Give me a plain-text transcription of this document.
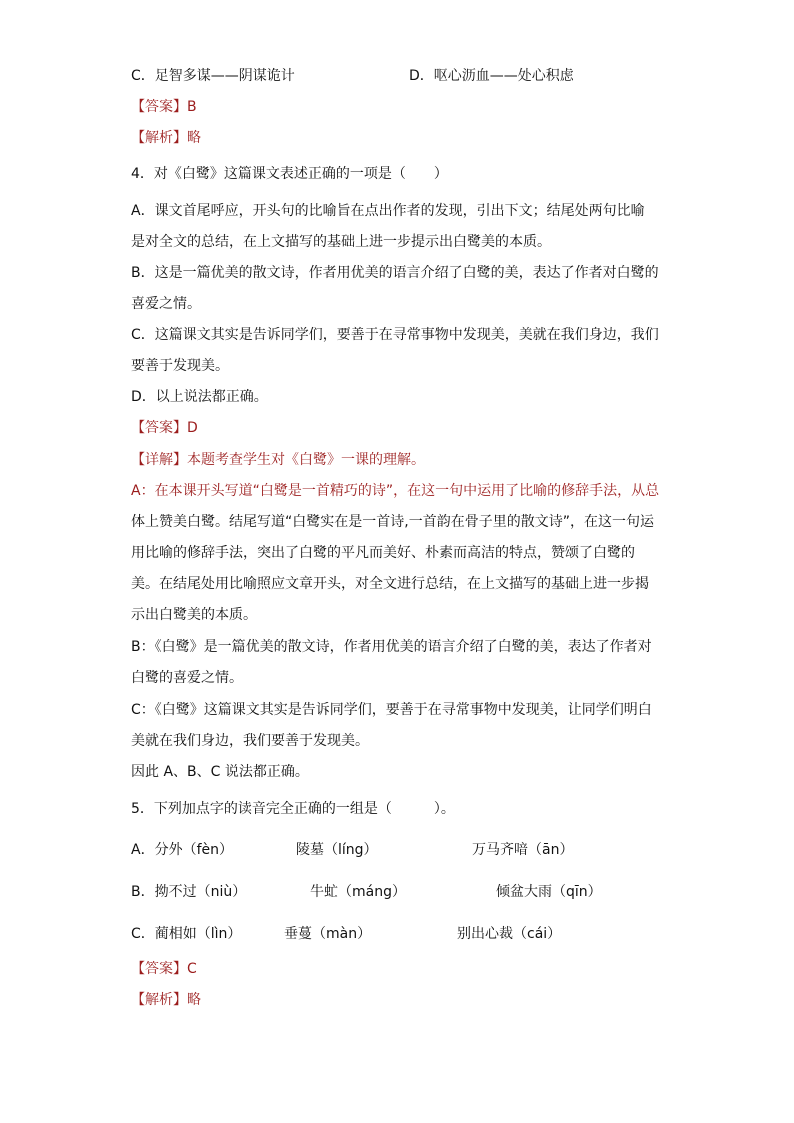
C．足智多谋——阴谋诡计	D．呕心沥血——处心积虑
【答案】B
【解析】略
4．对《白鹭》这篇课文表述正确的一项是（　　）
A．课文首尾呼应，开头句的比喻旨在点出作者的发现，引出下文；结尾处两句比喻
是对全文的总结，在上文描写的基础上进一步提示出白鹭美的本质。
B．这是一篇优美的散文诗，作者用优美的语言介绍了白鹭的美，表达了作者对白鹭的
喜爱之情。
C．这篇课文其实是告诉同学们，要善于在寻常事物中发现美，美就在我们身边，我们
要善于发现美。
D．以上说法都正确。
【答案】D
【详解】本题考查学生对《白鹭》一课的理解。
A：在本课开头写道“白鹭是一首精巧的诗”，在这一句中运用了比喻的修辞手法，从总
体上赞美白鹭。结尾写道“白鹭实在是一首诗,一首韵在骨子里的散文诗”，在这一句运
用比喻的修辞手法，突出了白鹭的平凡而美好、朴素而高洁的特点，赞颂了白鹭的
美。在结尾处用比喻照应文章开头，对全文进行总结，在上文描写的基础上进一步揭
示出白鹭美的本质。
B：《白鹭》是一篇优美的散文诗，作者用优美的语言介绍了白鹭的美，表达了作者对
白鹭的喜爱之情。
C：《白鹭》这篇课文其实是告诉同学们，要善于在寻常事物中发现美，让同学们明白
美就在我们身边，我们要善于发现美。
因此 A、B、C 说法都正确。
5．下列加点字的读音完全正确的一组是（　　　）。
A．分外（fèn）	陵墓（líng）	万马齐喑（ān）
B．拗不过（niù）	牛虻（máng）	倾盆大雨（qīn）
C．蔺相如（lìn）	垂蔓（màn）	别出心裁（cái）
【答案】C
【解析】略
